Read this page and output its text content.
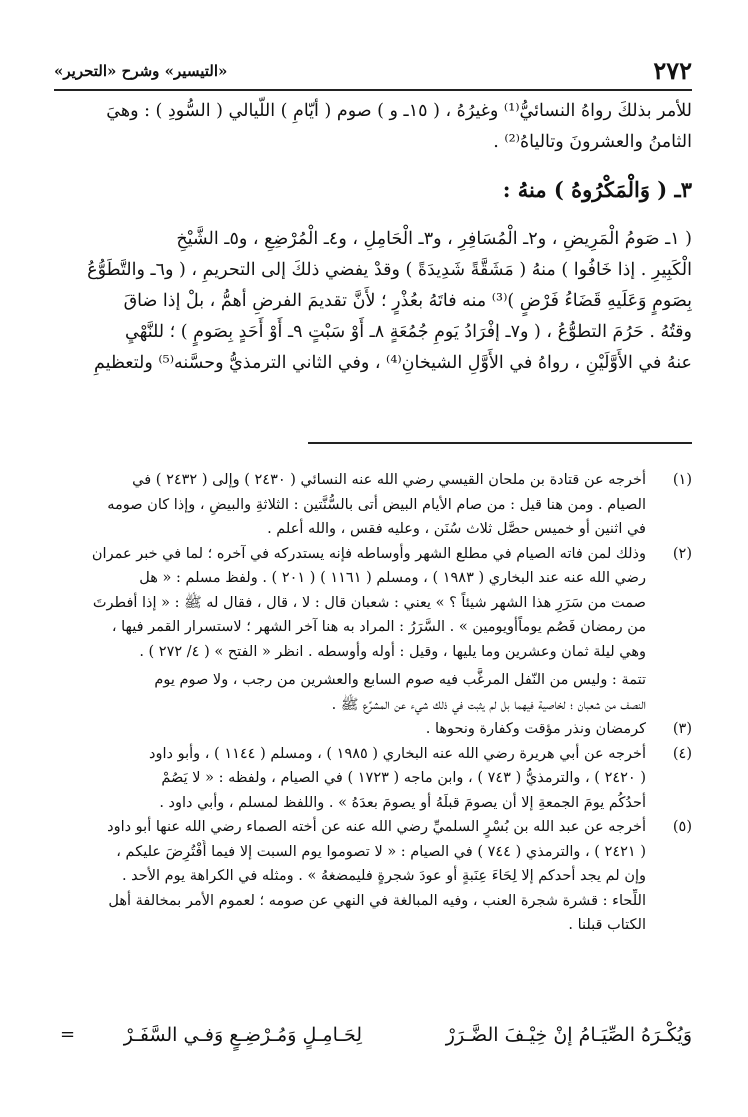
٢٧٢
«التيسير» وشرح «التحرير»

للأمر بذلكَ رواهُ النسائيُّ⁽¹⁾ وغيرُهُ ، ( ١٥ـ و ) صوم ( أيّامِ ) اللّيالي ( السُّودِ ) : وهيَ
الثامنُ والعشرونَ وتالياهُ⁽²⁾ .

٣ـ ( وَالْمَكْرُوهُ ) منهُ :

( ١ـ صَومُ الْمَرِيضِ ، و٢ـ الْمُسَافِرِ ، و٣ـ الْحَامِلِ ، و٤ـ الْمُرْضِعِ ، و٥ـ الشَّيْخِ
الْكَبِيرِ . إذا خَافُوا ) منهُ ( مَشَقَّةً شَدِيدَةً ) وقدْ يفضي ذلكَ إلى التحريمِ ، ( و٦ـ والتَّطَوُّعُ
بِصَومٍ وَعَلَيهِ قَضَاءُ فَرْضٍ )⁽³⁾ منه فاتَهُ بعُذْرٍ ؛ لأَنَّ تقديمَ الفرضِ أهمُّ ، بلْ إذا ضاقَ
وقتُهُ . حَرُمَ التطوُّعُ ، ( و٧ـ إفْرَادُ يَومِ جُمُعَةٍ ٨ـ أَوْ سَبْتٍ ٩ـ أَوْ أَحَدٍ بِصَومٍ ) ؛ للنَّهْيِ
عنهُ في الأَوَّلَيْنِ ، رواهُ في الأَوَّلِ الشيخانِ⁽⁴⁾ ، وفي الثاني الترمذيُّ وحسَّنه⁽⁵⁾ ولتعظيمِ

(١)
أخرجه عن قتادة بن ملحان القيسي رضي الله عنه النسائي ( ٢٤٣٠ ) وإلى ( ٢٤٣٢ ) في
الصيام . ومن هنا قيل : من صام الأيام البيض أتى بالسُّنَّتين : الثلاثةِ والبيضِ ، وإذا كان صومه
في اثنين أو خميس حصَّل ثلاث سُنَن ، وعليه فقس ، والله أعلم .
(٢)
وذلك لمن فاته الصيام في مطلع الشهر وأوساطه فإنه يستدركه في آخره ؛ لما في خبر عمران
رضي الله عنه عند البخاري ( ١٩٨٣ ) ، ومسلم ( ١١٦١ ) ( ٢٠١ ) . ولفظ مسلم : « هل
صمت من سَرَرِ هذا الشهر شيئاً ؟ » يعني : شعبان قال : لا ، قال ، فقال له ﷺ : « إذا أفطرتَ
من رمضان فَصُم يوماًأويومين » . السَّرَرُ : المراد به هنا آخر الشهر ؛ لاستسرار القمر فيها ،
وهي ليلة ثمان وعشرين وما يليها ، وقيل : أوله وأوسطه . انظر « الفتح » ( ٤/ ٢٧٢ ) .
تتمة : وليس من النّفل المرغَّب فيه صوم السابع والعشرين من رجب ، ولا صوم يوم
النصف من شعبان ؛ لخاصية فيهما بل لم يثبت في ذلك شيء عن المشرِّع ﷺ .
(٣)
كرمضان ونذر مؤقت وكفارة ونحوها .
(٤)
أخرجه عن أبي هريرة رضي الله عنه البخاري ( ١٩٨٥ ) ، ومسلم ( ١١٤٤ ) ، وأبو داود
( ٢٤٢٠ ) ، والترمذيُّ ( ٧٤٣ ) ، وابن ماجه ( ١٧٢٣ ) في الصيام ، ولفظه : « لا يَصُمْ
أحدُكُم يومَ الجمعةِ إلا أن يصومَ قبلَهُ أو يصومَ بعدَهُ » . واللفظ لمسلم ، وأبي داود .
(٥)
أخرجه عن عبد الله بن بُسْرٍ السلميِّ رضي الله عنه عن أخته الصماء رضي الله عنها أبو داود
( ٢٤٢١ ) ، والترمذي ( ٧٤٤ ) في الصيام : « لا تصوموا يوم السبت إلا فيما أُفْتُرِضَ عليكم ،
وإن لم يجد أحدكم إلا لِحَاءَ عِنَبةٍ أو عودَ شجرةٍ فليمضغهُ » . ومثله في الكراهة يوم الأحد .
اللِّحاء : قشرة شجرة العنب ، وفيه المبالغة في النهي عن صومه ؛ لعموم الأمر بمخالفة أهل
الكتاب قبلنا .
وَيُكْـرَهُ الصِّيَـامُ إنْ خِيْـفَ الضَّـرَرْ
لِحَـامِـلٍ وَمُـرْضِـعٍ وَفـي السَّفَـرْ
=
